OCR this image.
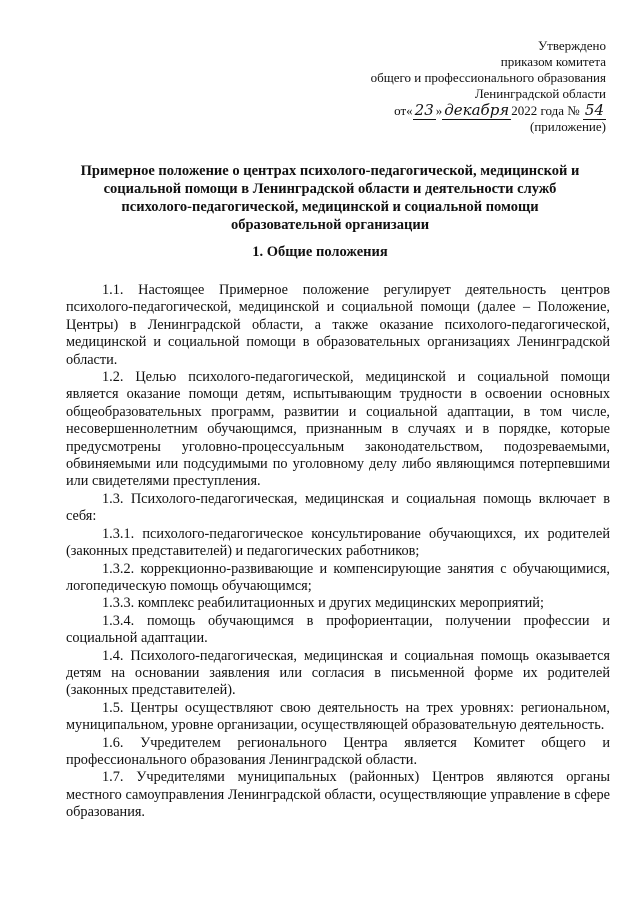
Утверждено
приказом комитета
общего и профессионального образования
Ленинградской области
от« 23 » декабря 2022 года № 54
(приложение)
Примерное положение о центрах психолого-педагогической, медицинской и социальной помощи в Ленинградской области и деятельности служб психолого-педагогической, медицинской и социальной помощи образовательной организации
1. Общие положения

1.1. Настоящее Примерное положение регулирует деятельность центров психолого-педагогической, медицинской и социальной помощи (далее – Положение, Центры) в Ленинградской области, а также оказание психолого-педагогической, медицинской и социальной помощи в образовательных организациях Ленинградской области.

1.2. Целью психолого-педагогической, медицинской и социальной помощи является оказание помощи детям, испытывающим трудности в освоении основных общеобразовательных программ, развитии и социальной адаптации, в том числе, несовершеннолетним обучающимся, признанным в случаях и в порядке, которые предусмотрены уголовно-процессуальным законодательством, подозреваемыми, обвиняемыми или подсудимыми по уголовному делу либо являющимся потерпевшими или свидетелями преступления.

1.3. Психолого-педагогическая, медицинская и социальная помощь включает в себя:

1.3.1. психолого-педагогическое консультирование обучающихся, их родителей (законных представителей) и педагогических работников;

1.3.2. коррекционно-развивающие и компенсирующие занятия с обучающимися, логопедическую помощь обучающимся;

1.3.3. комплекс реабилитационных и других медицинских мероприятий;

1.3.4. помощь обучающимся в профориентации, получении профессии и социальной адаптации.

1.4. Психолого-педагогическая, медицинская и социальная помощь оказывается детям на основании заявления или согласия в письменной форме их родителей (законных представителей).

1.5. Центры осуществляют свою деятельность на трех уровнях: региональном, муниципальном, уровне организации, осуществляющей образовательную деятельность.

1.6. Учредителем регионального Центра является Комитет общего и профессионального образования Ленинградской области.

1.7. Учредителями муниципальных (районных) Центров являются органы местного самоуправления Ленинградской области, осуществляющие управление в сфере образования.
